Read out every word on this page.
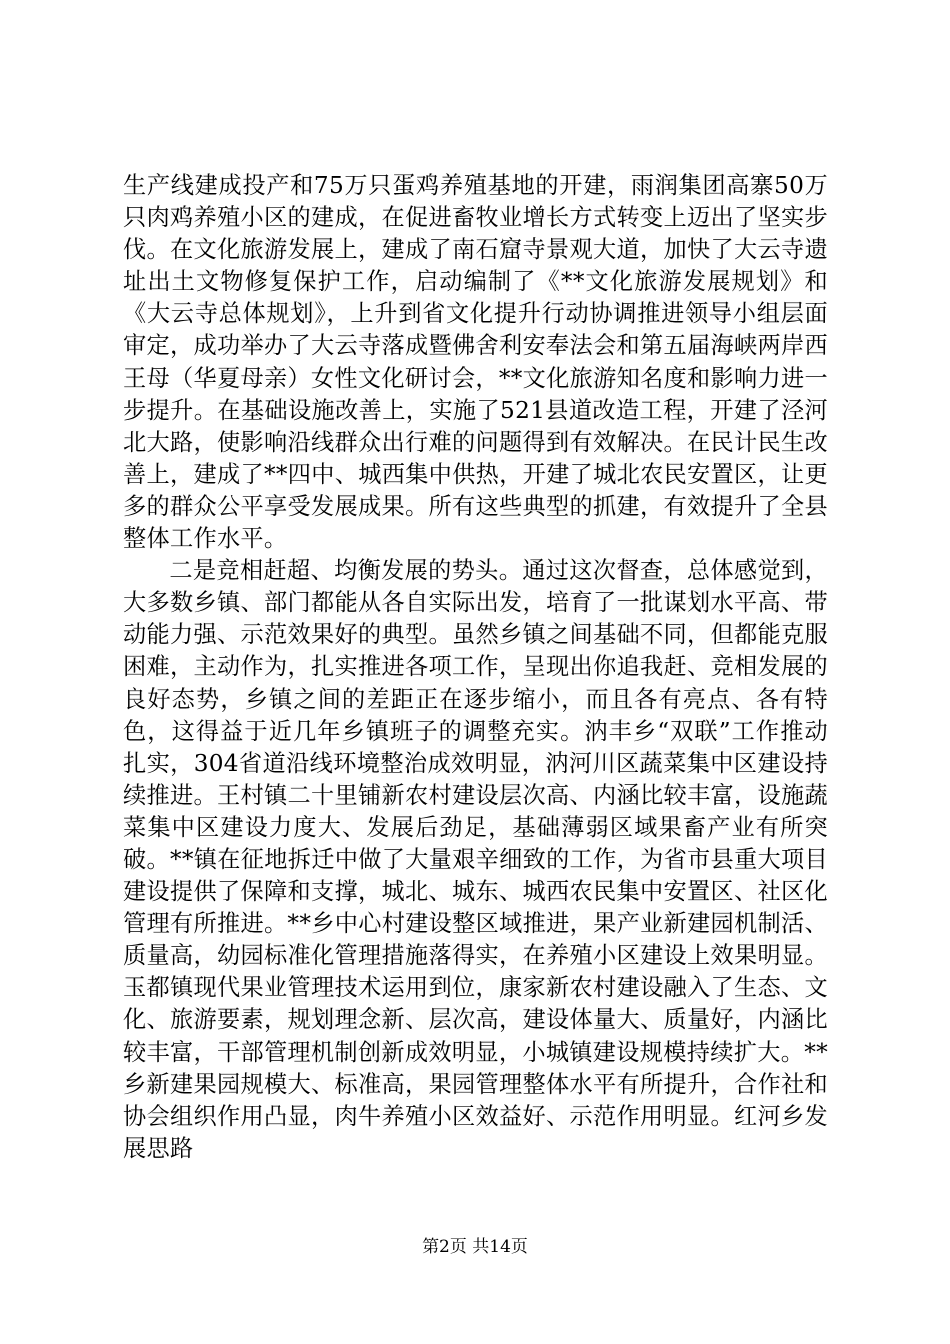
生产线建成投产和75万只蛋鸡养殖基地的开建，雨润集团高寨50万只肉鸡养殖小区的建成，在促进畜牧业增长方式转变上迈出了坚实步伐。在文化旅游发展上，建成了南石窟寺景观大道，加快了大云寺遗址出土文物修复保护工作，启动编制了《**文化旅游发展规划》和《大云寺总体规划》，上升到省文化提升行动协调推进领导小组层面审定，成功举办了大云寺落成暨佛舍利安奉法会和第五届海峡两岸西王母（华夏母亲）女性文化研讨会，**文化旅游知名度和影响力进一步提升。在基础设施改善上，实施了521县道改造工程，开建了泾河北大路，使影响沿线群众出行难的问题得到有效解决。在民计民生改善上，建成了**四中、城西集中供热，开建了城北农民安置区，让更多的群众公平享受发展成果。所有这些典型的抓建，有效提升了全县整体工作水平。

二是竞相赶超、均衡发展的势头。通过这次督查，总体感觉到，大多数乡镇、部门都能从各自实际出发，培育了一批谋划水平高、带动能力强、示范效果好的典型。虽然乡镇之间基础不同，但都能克服困难，主动作为，扎实推进各项工作，呈现出你追我赶、竞相发展的良好态势，乡镇之间的差距正在逐步缩小，而且各有亮点、各有特色，这得益于近几年乡镇班子的调整充实。汭丰乡“双联”工作推动扎实，304省道沿线环境整治成效明显，汭河川区蔬菜集中区建设持续推进。王村镇二十里铺新农村建设层次高、内涵比较丰富，设施蔬菜集中区建设力度大、发展后劲足，基础薄弱区域果畜产业有所突破。**镇在征地拆迁中做了大量艰辛细致的工作，为省市县重大项目建设提供了保障和支撑，城北、城东、城西农民集中安置区、社区化管理有所推进。**乡中心村建设整区域推进，果产业新建园机制活、质量高，幼园标准化管理措施落得实，在养殖小区建设上效果明显。玉都镇现代果业管理技术运用到位，康家新农村建设融入了生态、文化、旅游要素，规划理念新、层次高，建设体量大、质量好，内涵比较丰富，干部管理机制创新成效明显，小城镇建设规模持续扩大。**乡新建果园规模大、标准高，果园管理整体水平有所提升，合作社和协会组织作用凸显，肉牛养殖小区效益好、示范作用明显。红河乡发展思路

第2页 共14页
